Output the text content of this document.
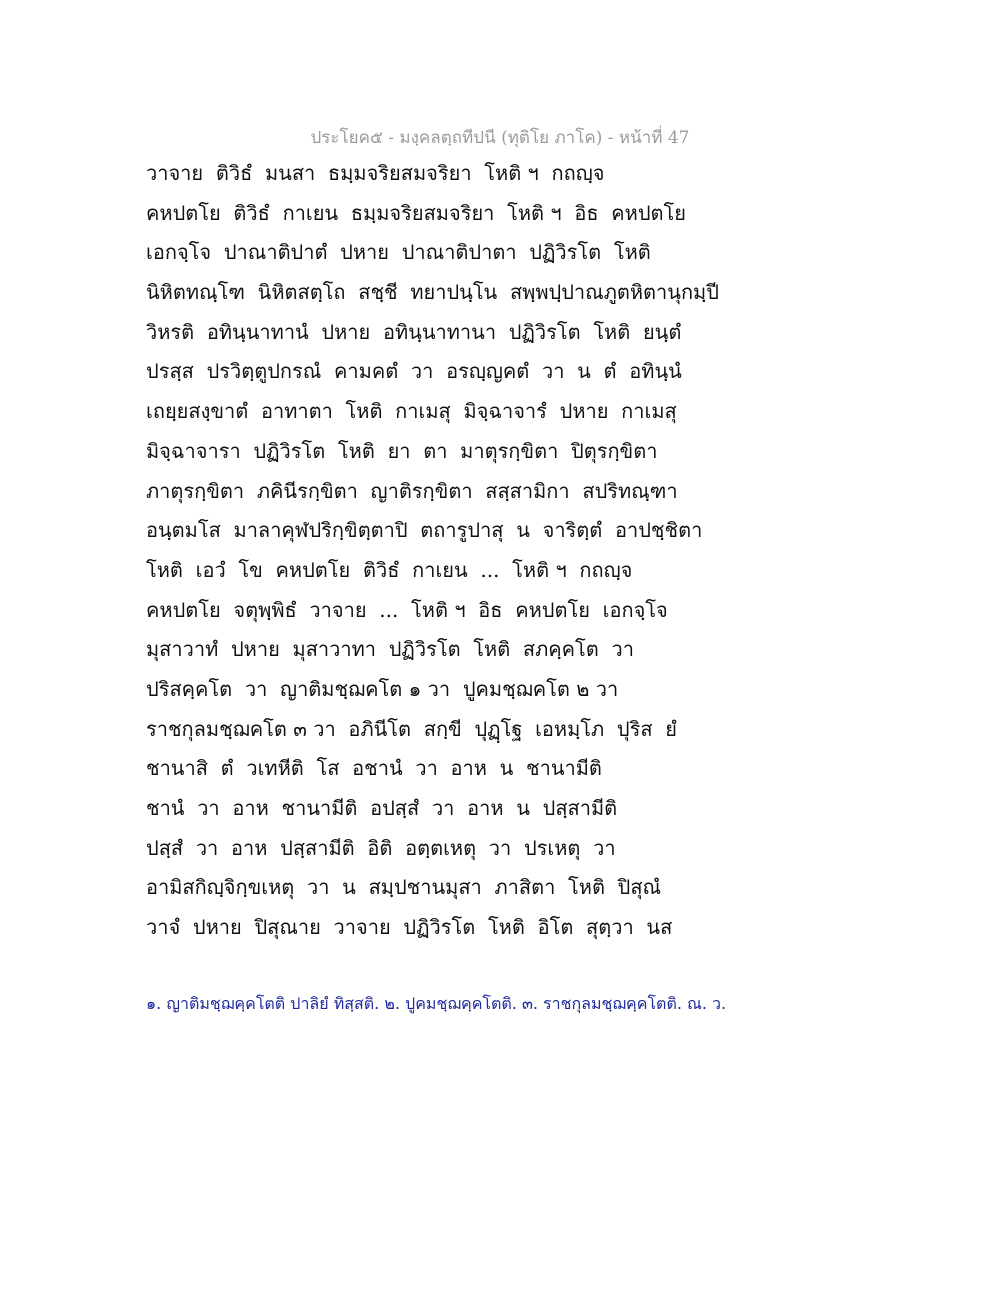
ประโยค๕ - มงฺคลตฺถทีปนี (ทุติโย ภาโค) - หน้าที่ 47
วาจาย  ติวิธํ  มนสา  ธมฺมจริยสมจริยา  โหติ ฯ  กถญฺจ
คหปตโย  ติวิธํ  กาเยน  ธมฺมจริยสมจริยา  โหติ ฯ  อิธ  คหปตโย
เอกจฺโจ  ปาณาติปาตํ  ปหาย  ปาณาติปาตา  ปฏิวิรโต  โหติ
นิหิตทณฺโฑ  นิหิตสตฺโถ  สชฺชี  ทยาปนฺโน  สพฺพปฺปาณภูตหิตานุกมฺปี
วิหรติ  อทินฺนาทานํ  ปหาย  อทินฺนาทานา  ปฏิวิรโต  โหติ  ยนฺตํ
ปรสฺส  ปรวิตฺตูปกรณํ  คามคตํ  วา  อรญฺญคตํ  วา  น  ตํ  อทินฺนํ
เถยฺยสงฺขาตํ  อาทาตา  โหติ  กาเมสุ  มิจฺฉาจารํ  ปหาย  กาเมสุ
มิจฺฉาจารา  ปฏิวิรโต  โหติ  ยา  ตา  มาตุรกฺขิตา  ปิตุรกฺขิตา
ภาตุรกฺขิตา  ภคินีรกฺขิตา  ญาติรกฺขิตา  สสฺสามิกา  สปริทณฺฑา
อนฺตมโส  มาลาคุฬปริกฺขิตฺตาปิ  ตถารูปาสุ  น  จาริตฺตํ  อาปชฺชิตา
โหติ  เอวํ  โข  คหปตโย  ติวิธํ  กาเยน  ...  โหติ ฯ  กถญฺจ
คหปตโย  จตุพฺพิธํ  วาจาย  ...  โหติ ฯ  อิธ  คหปตโย  เอกจฺโจ
มุสาวาทํ  ปหาย  มุสาวาทา  ปฏิวิรโต  โหติ  สภคฺคโต  วา
ปริสคฺคโต  วา  ญาติมชฺฌคโต ๑ วา  ปูคมชฺฌคโต ๒ วา
ราชกุลมชฺฌคโต ๓ วา  อภินีโต  สกฺขี  ปุฏฺโฐ  เอหมฺโภ  ปุริส  ยํ
ชานาสิ  ตํ  วเทหีติ  โส  อชานํ  วา  อาห  น  ชานามีติ
ชานํ  วา  อาห  ชานามีติ  อปสฺสํ  วา  อาห  น  ปสฺสามีติ
ปสฺสํ  วา  อาห  ปสฺสามีติ  อิติ  อตฺตเหตุ  วา  ปรเหตุ  วา
อามิสกิญฺจิกฺขเหตุ  วา  น  สมฺปชานมุสา  ภาสิตา  โหติ  ปิสุณํ
วาจํ  ปหาย  ปิสุณาย  วาจาย  ปฏิวิรโต  โหติ  อิโต  สุตฺวา  นส
๑. ญาติมชฺฌคฺคโตติ ปาลิยํ ทิสฺสติ. ๒. ปูคมชฺฌคฺคโตติ. ๓. ราชกุลมชฺฌคฺคโตติ. ณ. ว.
